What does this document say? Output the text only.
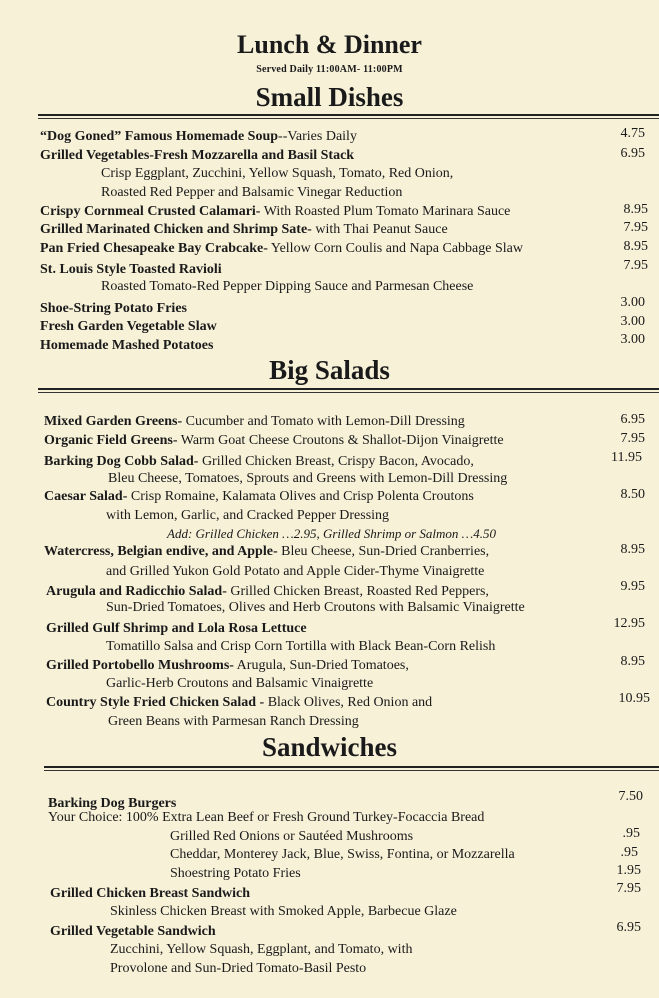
Lunch & Dinner
Served Daily 11:00AM- 11:00PM
Small Dishes
“Dog Goned” Famous Homemade Soup--Varies Daily	4.75
Grilled Vegetables-Fresh Mozzarella and Basil Stack	6.95
Crisp Eggplant, Zucchini, Yellow Squash, Tomato, Red Onion,
Roasted Red Pepper and Balsamic Vinegar Reduction
Crispy Cornmeal Crusted Calamari- With Roasted Plum Tomato Marinara Sauce	8.95
Grilled Marinated Chicken and Shrimp Sate- with Thai Peanut Sauce	7.95
Pan Fried Chesapeake Bay Crabcake- Yellow Corn Coulis and Napa Cabbage Slaw	8.95
St. Louis Style Toasted Ravioli	7.95
Roasted Tomato-Red Pepper Dipping Sauce and Parmesan Cheese
Shoe-String Potato Fries	3.00
Fresh Garden Vegetable Slaw	3.00
Homemade Mashed Potatoes	3.00
Big Salads
Mixed Garden Greens- Cucumber and Tomato with Lemon-Dill Dressing	6.95
Organic Field Greens- Warm Goat Cheese Croutons & Shallot-Dijon Vinaigrette	7.95
Barking Dog Cobb Salad- Grilled Chicken Breast, Crispy Bacon, Avocado,	11.95
Bleu Cheese, Tomatoes, Sprouts and Greens with Lemon-Dill Dressing
Caesar Salad- Crisp Romaine, Kalamata Olives and Crisp Polenta Croutons	8.50
with Lemon, Garlic, and Cracked Pepper Dressing
Add: Grilled Chicken …2.95, Grilled Shrimp or Salmon …4.50
Watercress, Belgian endive, and Apple- Bleu Cheese, Sun-Dried Cranberries,	8.95
and Grilled Yukon Gold Potato and Apple Cider-Thyme Vinaigrette
Arugula and Radicchio Salad- Grilled Chicken Breast, Roasted Red Peppers,	9.95
Sun-Dried Tomatoes, Olives and Herb Croutons with Balsamic Vinaigrette
Grilled Gulf Shrimp and Lola Rosa Lettuce	12.95
Tomatillo Salsa and Crisp Corn Tortilla with Black Bean-Corn Relish
Grilled Portobello Mushrooms- Arugula, Sun-Dried Tomatoes,	8.95
Garlic-Herb Croutons and Balsamic Vinaigrette
Country Style Fried Chicken Salad - Black Olives, Red Onion and	10.95
Green Beans with Parmesan Ranch Dressing
Sandwiches
Barking Dog Burgers	7.50
Your Choice: 100% Extra Lean Beef or Fresh Ground Turkey-Focaccia Bread
Grilled Red Onions or Sautéed Mushrooms	.95
Cheddar, Monterey Jack, Blue, Swiss, Fontina, or Mozzarella	.95
Shoestring Potato Fries	1.95
Grilled Chicken Breast Sandwich	7.95
Skinless Chicken Breast with Smoked Apple, Barbecue Glaze
Grilled Vegetable Sandwich	6.95
Zucchini, Yellow Squash, Eggplant, and Tomato, with
Provolone and Sun-Dried Tomato-Basil Pesto
